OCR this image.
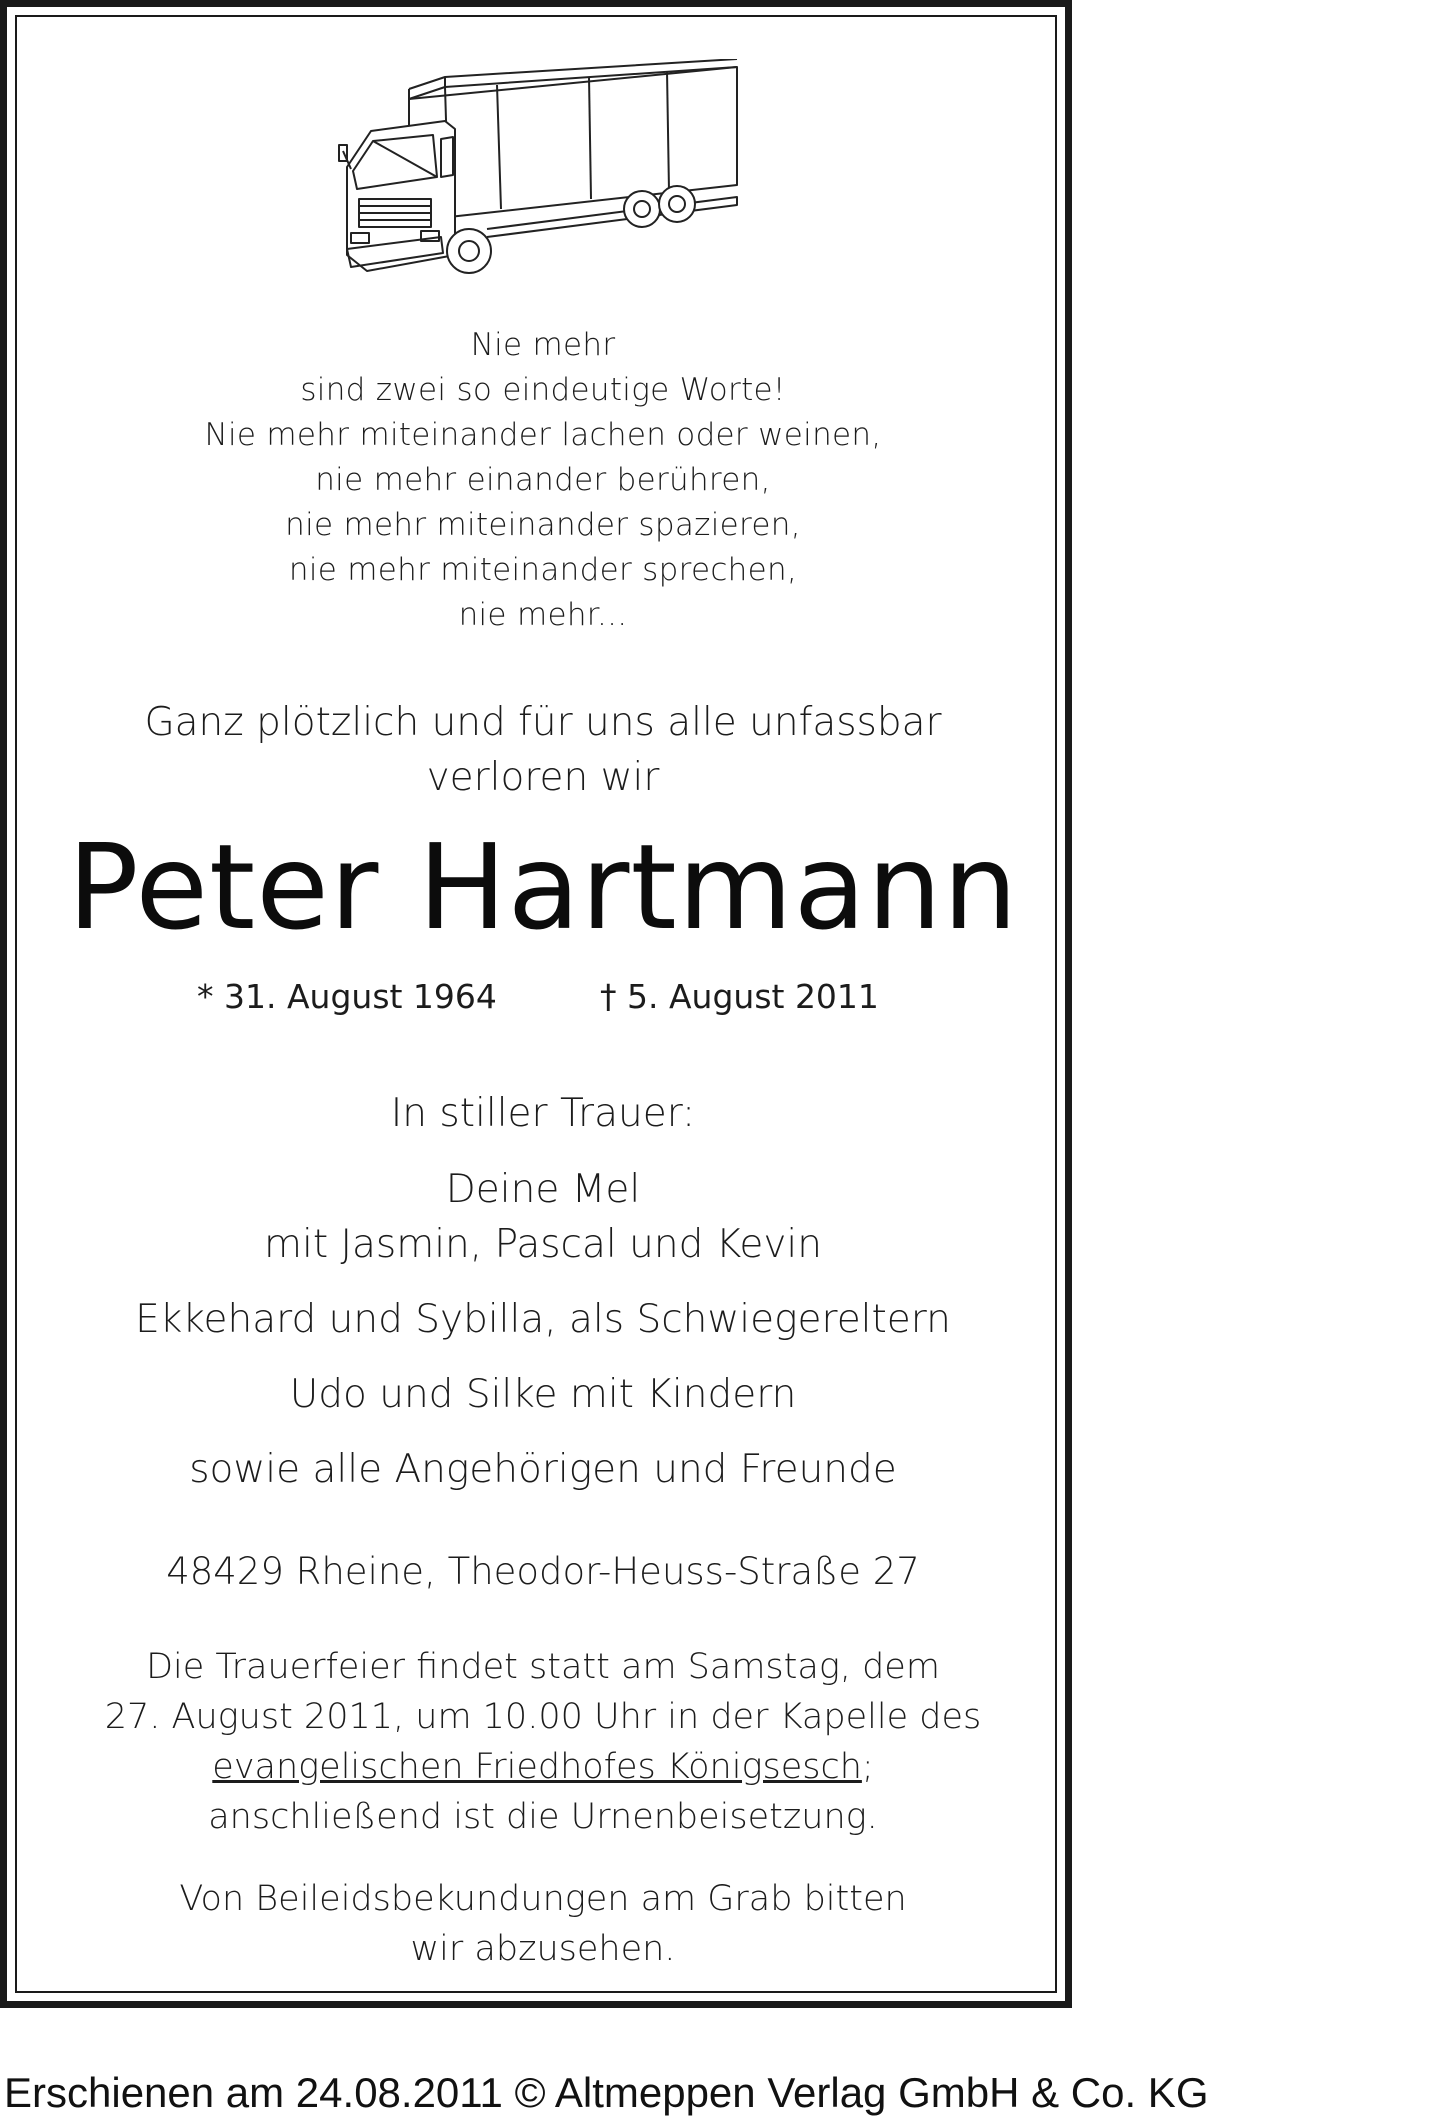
Nie mehr
sind zwei so eindeutige Worte!
Nie mehr miteinander lachen oder weinen,
nie mehr einander berühren,
nie mehr miteinander spazieren,
nie mehr miteinander sprechen,
nie mehr...
Ganz plötzlich und für uns alle unfassbar
verloren wir
Peter Hartmann
* 31. August 1964	† 5. August 2011
In stiller Trauer:
Deine Mel
mit Jasmin, Pascal und Kevin
Ekkehard und Sybilla, als Schwiegereltern
Udo und Silke mit Kindern
sowie alle Angehörigen und Freunde
48429 Rheine, Theodor-Heuss-Straße 27
Die Trauerfeier findet statt am Samstag, dem
27. August 2011, um 10.00 Uhr in der Kapelle des
evangelischen Friedhofes Königsesch;
anschließend ist die Urnenbeisetzung.
Von Beileidsbekundungen am Grab bitten
wir abzusehen.
Erschienen am 24.08.2011 © Altmeppen Verlag GmbH & Co. KG
